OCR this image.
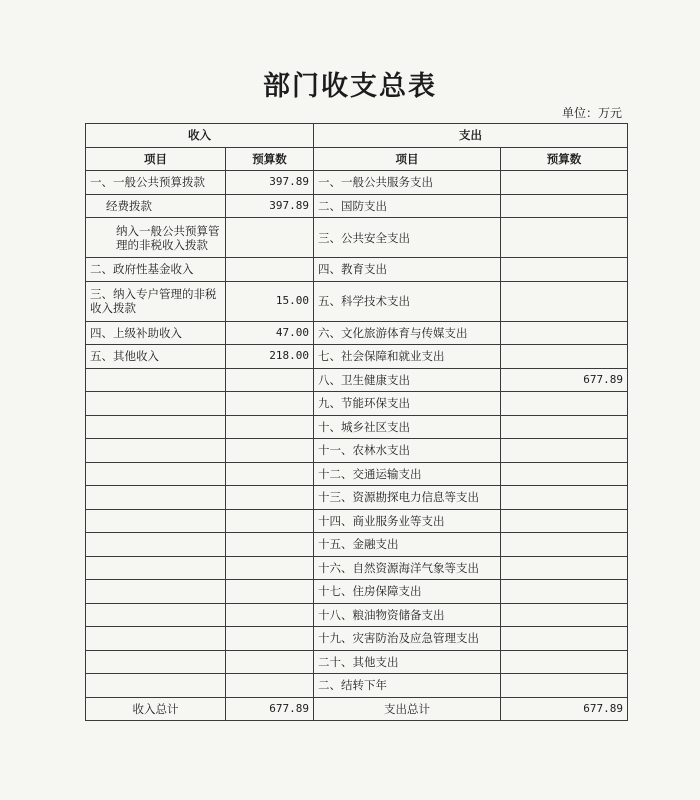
部门收支总表
单位：万元
收入		支出	
项目	预算数	项目	预算数
一、一般公共预算拨款	397.89	一、一般公共服务支出	
经费拨款	397.89	二、国防支出	
纳入一般公共预算管理的非税收入拨款		三、公共安全支出	
二、政府性基金收入		四、教育支出	
三、纳入专户管理的非税收入拨款	15.00	五、科学技术支出	
四、上级补助收入	47.00	六、文化旅游体育与传媒支出	
五、其他收入	218.00	七、社会保障和就业支出	
		八、卫生健康支出	677.89
		九、节能环保支出	
		十、城乡社区支出	
		十一、农林水支出	
		十二、交通运输支出	
		十三、资源勘探电力信息等支出	
		十四、商业服务业等支出	
		十五、金融支出	
		十六、自然资源海洋气象等支出	
		十七、住房保障支出	
		十八、粮油物资储备支出	
		十九、灾害防治及应急管理支出	
		二十、其他支出	
		二、结转下年	
收入总计	677.89	支出总计	677.89
